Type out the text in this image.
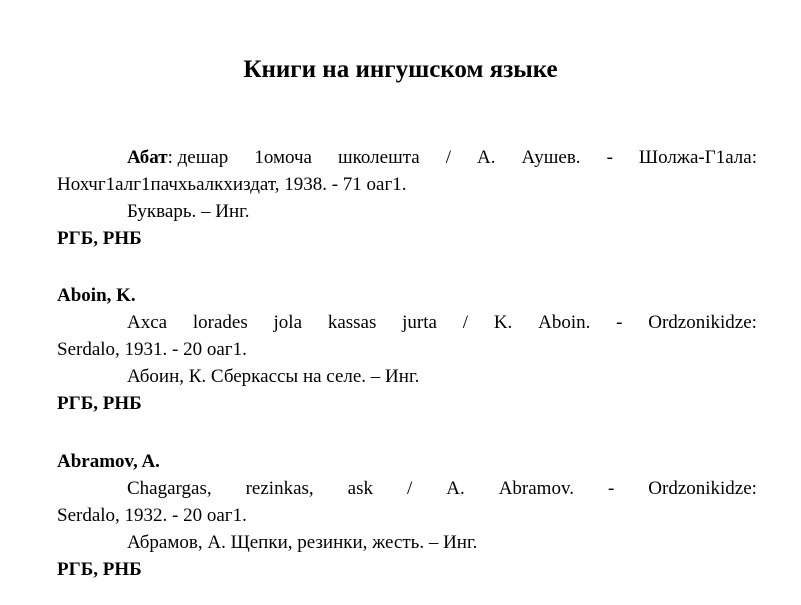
Книги на ингушском языке
Абат: дешар 1омоча школешта / А. Аушев. - Шолжа-Г1ала:
Нохчг1алг1пачхьалкхиздат, 1938. - 71 оаг1.
Букварь. – Инг.
РГБ, РНБ
Aboin, K.
Axca lorades jola kassas jurta / K. Aboin. - Ordzonikidze:
Serdalo, 1931. - 20 оаг1.
Абоин, К. Сберкассы на селе. – Инг.
РГБ, РНБ
Abramov, A.
Chagargas, rezinkas, ask / A. Abramov. - Ordzonikidze:
Serdalo, 1932. - 20 оаг1.
Абрамов, А. Щепки, резинки, жесть. – Инг.
РГБ, РНБ
